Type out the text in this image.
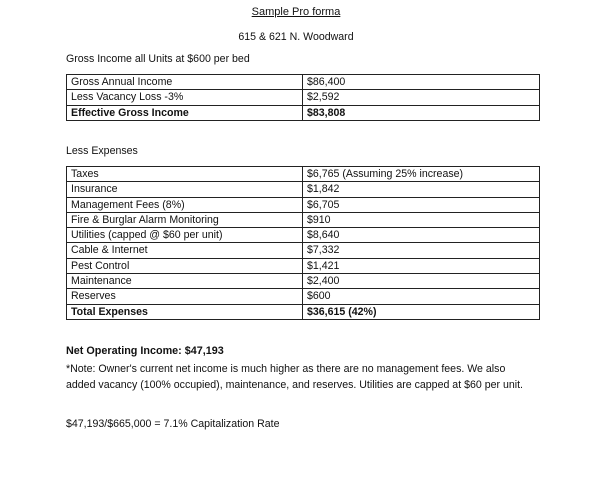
Sample Pro forma
615 & 621 N. Woodward
Gross Income all Units at $600 per bed
Gross Annual Income	$86,400
Less Vacancy Loss -3%	$2,592
Effective Gross Income	$83,808
Less Expenses
Taxes	$6,765 (Assuming 25% increase)
Insurance	$1,842
Management Fees (8%)	$6,705
Fire & Burglar Alarm Monitoring	$910
Utilities (capped @ $60 per unit)	$8,640
Cable & Internet	$7,332
Pest Control	$1,421
Maintenance	$2,400
Reserves	$600
Total Expenses	$36,615 (42%)
Net Operating Income: $47,193
*Note: Owner's current net income is much higher as there are no management fees. We also added vacancy (100% occupied), maintenance, and reserves. Utilities are capped at $60 per unit.
$47,193/$665,000 = 7.1% Capitalization Rate
